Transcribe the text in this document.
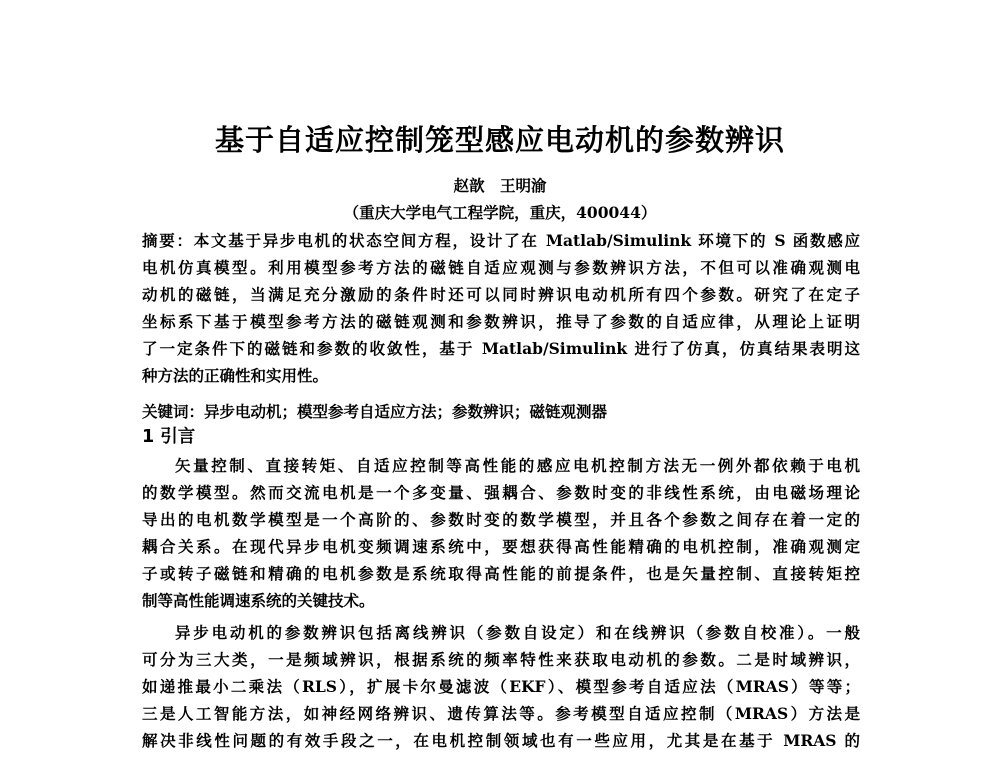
基于自适应控制笼型感应电动机的参数辨识
赵歆　王明渝
（重庆大学电气工程学院，重庆，400044）
摘要：本文基于异步电机的状态空间方程，设计了在 Matlab/Simulink 环境下的 S 函数感应
电机仿真模型。利用模型参考方法的磁链自适应观测与参数辨识方法，不但可以准确观测电
动机的磁链，当满足充分激励的条件时还可以同时辨识电动机所有四个参数。研究了在定子
坐标系下基于模型参考方法的磁链观测和参数辨识，推导了参数的自适应律，从理论上证明
了一定条件下的磁链和参数的收敛性，基于 Matlab/Simulink 进行了仿真，仿真结果表明这
种方法的正确性和实用性。
关键词：异步电动机；模型参考自适应方法；参数辨识；磁链观测器
1 引言
矢量控制、直接转矩、自适应控制等高性能的感应电机控制方法无一例外都依赖于电机
的数学模型。然而交流电机是一个多变量、强耦合、参数时变的非线性系统，由电磁场理论
导出的电机数学模型是一个高阶的、参数时变的数学模型，并且各个参数之间存在着一定的
耦合关系。在现代异步电机变频调速系统中，要想获得高性能精确的电机控制，准确观测定
子或转子磁链和精确的电机参数是系统取得高性能的前提条件，也是矢量控制、直接转矩控
制等高性能调速系统的关键技术。
异步电动机的参数辨识包括离线辨识（参数自设定）和在线辨识（参数自校准）。一般
可分为三大类，一是频域辨识，根据系统的频率特性来获取电动机的参数。二是时域辨识，
如递推最小二乘法（RLS），扩展卡尔曼滤波（EKF）、模型参考自适应法（MRAS）等等；
三是人工智能方法，如神经网络辨识、遗传算法等。参考模型自适应控制（MRAS）方法是
解决非线性问题的有效手段之一，在电机控制领域也有一些应用，尤其是在基于 MRAS 的
